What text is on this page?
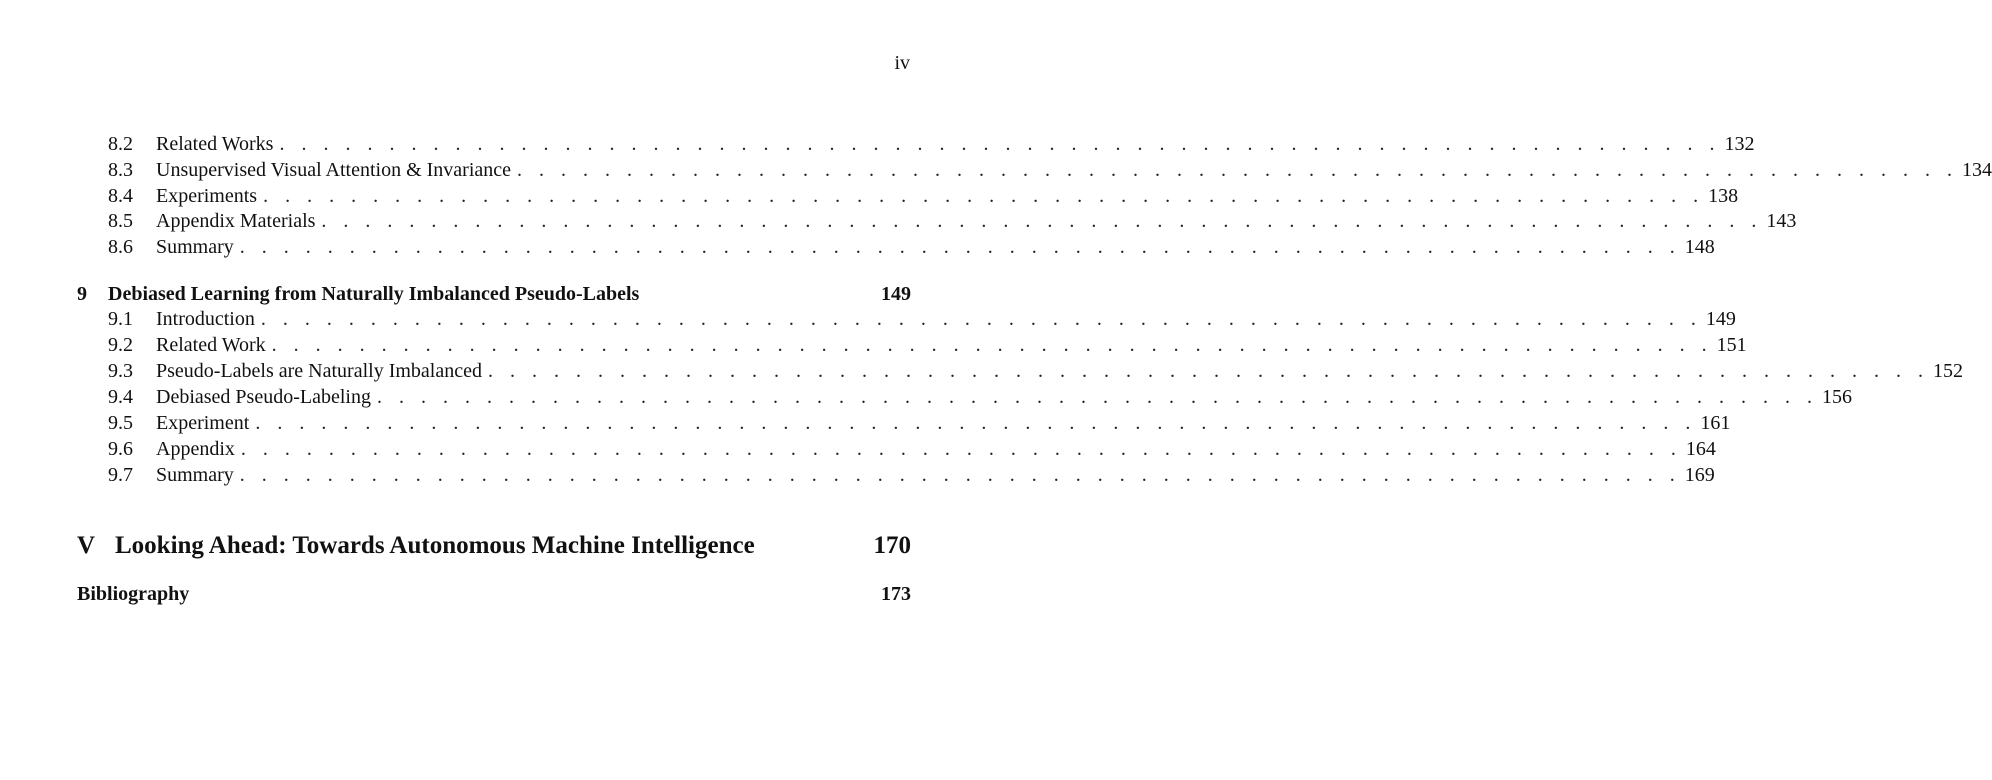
iv
8.2	Related Works . . . . . . . . . . . . . . . . . . . . . . . . . . . . . . . . . . . . . . . . . . . . . . . . . . . . . . . . . . . . . . . . . . 132
8.3	Unsupervised Visual Attention & Invariance . . . . . . . . . . . . . . . . . . . . . . . . . . . . . . . . . . . . . . . . . . . . . . . . . . . . . . . . . . . . . . . . . . 134
8.4	Experiments . . . . . . . . . . . . . . . . . . . . . . . . . . . . . . . . . . . . . . . . . . . . . . . . . . . . . . . . . . . . . . . . . . 138
8.5	Appendix Materials . . . . . . . . . . . . . . . . . . . . . . . . . . . . . . . . . . . . . . . . . . . . . . . . . . . . . . . . . . . . . . . . . . 143
8.6	Summary . . . . . . . . . . . . . . . . . . . . . . . . . . . . . . . . . . . . . . . . . . . . . . . . . . . . . . . . . . . . . . . . . . 148
9	Debiased Learning from Naturally Imbalanced Pseudo-Labels	149
9.1	Introduction . . . . . . . . . . . . . . . . . . . . . . . . . . . . . . . . . . . . . . . . . . . . . . . . . . . . . . . . . . . . . . . . . . 149
9.2	Related Work . . . . . . . . . . . . . . . . . . . . . . . . . . . . . . . . . . . . . . . . . . . . . . . . . . . . . . . . . . . . . . . . . . 151
9.3	Pseudo-Labels are Naturally Imbalanced . . . . . . . . . . . . . . . . . . . . . . . . . . . . . . . . . . . . . . . . . . . . . . . . . . . . . . . . . . . . . . . . . . 152
9.4	Debiased Pseudo-Labeling . . . . . . . . . . . . . . . . . . . . . . . . . . . . . . . . . . . . . . . . . . . . . . . . . . . . . . . . . . . . . . . . . . 156
9.5	Experiment . . . . . . . . . . . . . . . . . . . . . . . . . . . . . . . . . . . . . . . . . . . . . . . . . . . . . . . . . . . . . . . . . . 161
9.6	Appendix . . . . . . . . . . . . . . . . . . . . . . . . . . . . . . . . . . . . . . . . . . . . . . . . . . . . . . . . . . . . . . . . . . 164
9.7	Summary . . . . . . . . . . . . . . . . . . . . . . . . . . . . . . . . . . . . . . . . . . . . . . . . . . . . . . . . . . . . . . . . . . 169
V Looking Ahead: Towards Autonomous Machine Intelligence	170
Bibliography	173
